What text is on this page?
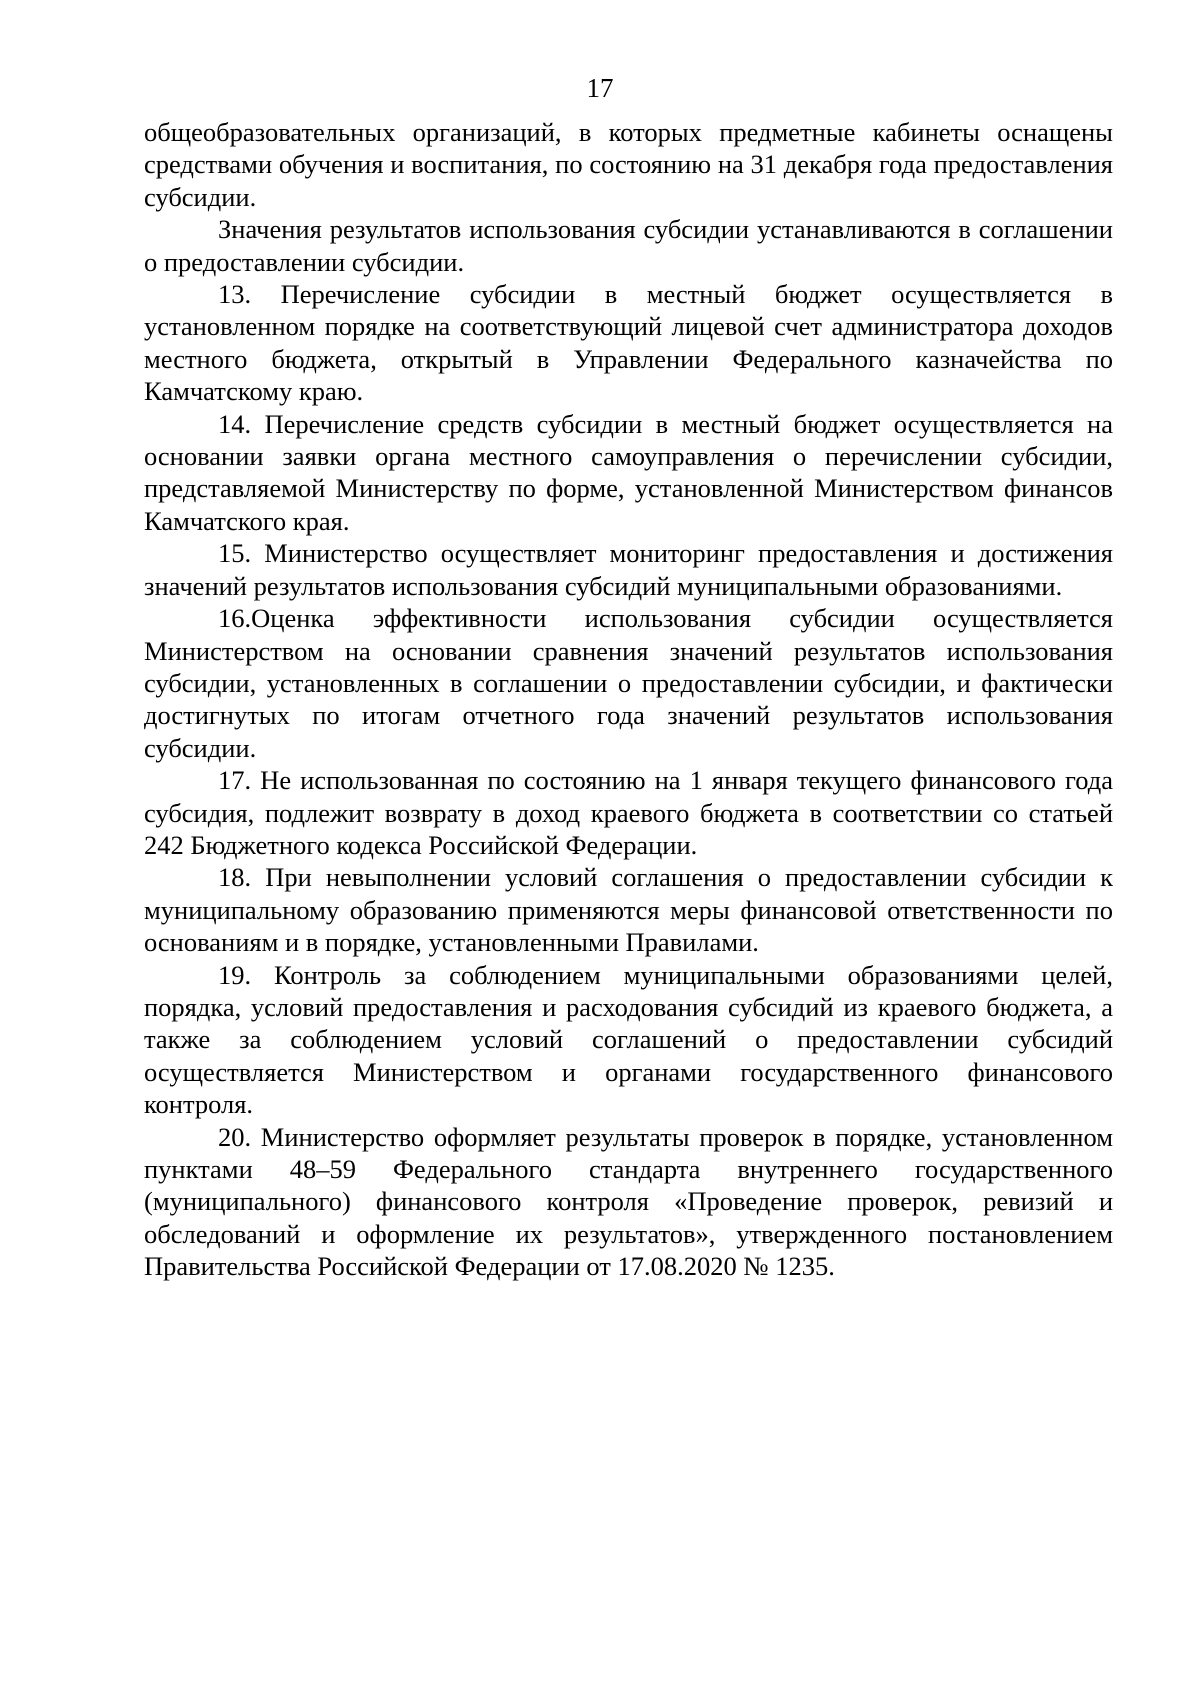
17

общеобразовательных организаций, в которых предметные кабинеты оснащены средствами обучения и воспитания, по состоянию на 31 декабря года предоставления субсидии.

Значения результатов использования субсидии устанавливаются в соглашении о предоставлении субсидии.

13. Перечисление субсидии в местный бюджет осуществляется в установленном порядке на соответствующий лицевой счет администратора доходов местного бюджета, открытый в Управлении Федерального казначейства по Камчатскому краю.

14. Перечисление средств субсидии в местный бюджет осуществляется на основании заявки органа местного самоуправления о перечислении субсидии, представляемой Министерству по форме, установленной Министерством финансов Камчатского края.

15. Министерство осуществляет мониторинг предоставления и достижения значений результатов использования субсидий муниципальными образованиями.

16.Оценка эффективности использования субсидии осуществляется Министерством на основании сравнения значений результатов использования субсидии, установленных в соглашении о предоставлении субсидии, и фактически достигнутых по итогам отчетного года значений результатов использования субсидии.

17. Не использованная по состоянию на 1 января текущего финансового года субсидия, подлежит возврату в доход краевого бюджета в соответствии со статьей 242 Бюджетного кодекса Российской Федерации.

18. При невыполнении условий соглашения о предоставлении субсидии к муниципальному образованию применяются меры финансовой ответственности по основаниям и в порядке, установленными Правилами.

19. Контроль за соблюдением муниципальными образованиями целей, порядка, условий предоставления и расходования субсидий из краевого бюджета, а также за соблюдением условий соглашений о предоставлении субсидий осуществляется Министерством и органами государственного финансового контроля.

20. Министерство оформляет результаты проверок в порядке, установленном пунктами 48–59 Федерального стандарта внутреннего государственного (муниципального) финансового контроля «Проведение проверок, ревизий и обследований и оформление их результатов», утвержденного постановлением Правительства Российской Федерации от 17.08.2020 № 1235.
